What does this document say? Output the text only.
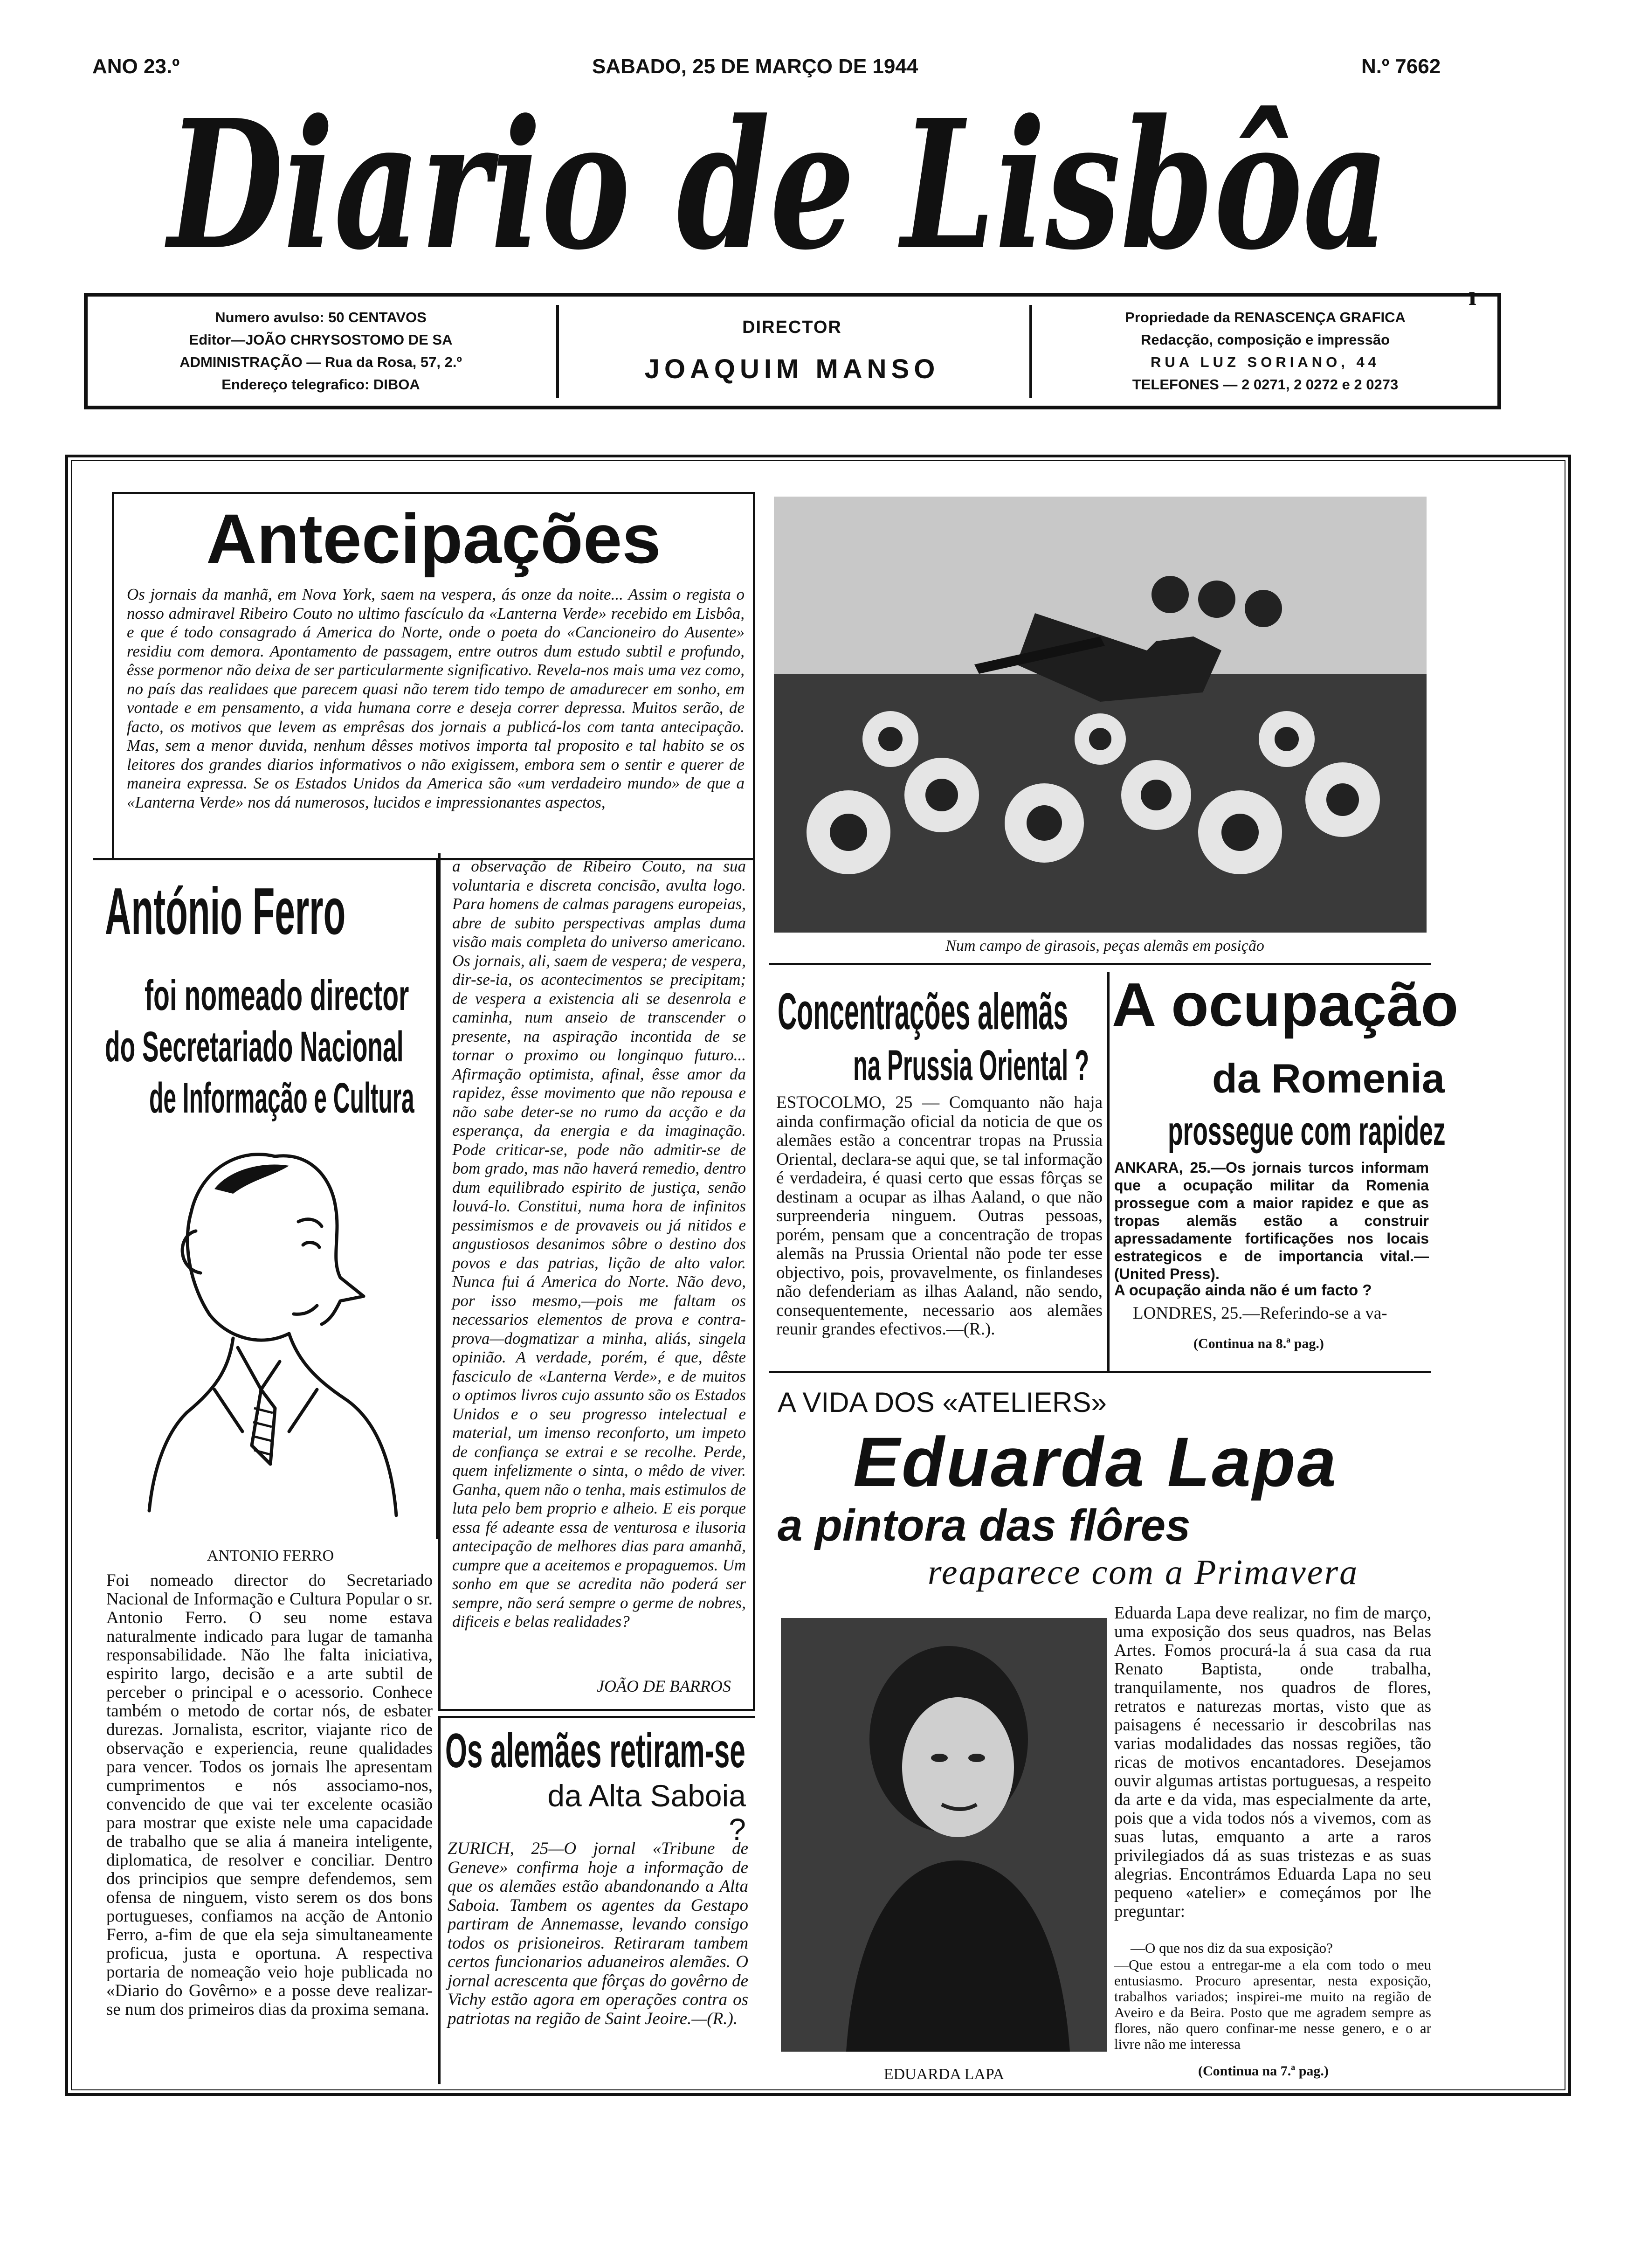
ANO 23.º	SABADO, 25 DE MARÇO DE 1944	N.º 7662
Diario de Lisbôa
ı
Numero avulso: 50 CENTAVOS
Editor—JOÃO CHRYSOSTOMO DE SA
ADMINISTRAÇÃO — Rua da Rosa, 57, 2.º
Endereço telegrafico: DIBOA
DIRECTOR
JOAQUIM MANSO
Propriedade da RENASCENÇA GRAFICA
Redacção, composição e impressão
RUA LUZ SORIANO, 44
TELEFONES — 2 0271, 2 0272 e 2 0273
Antecipações
Os jornais da manhã, em Nova York, saem na vespera, ás onze da noite... Assim o regista o nosso admiravel Ribeiro Couto no ultimo fascículo da «Lanterna Verde» recebido em Lisbôa, e que é todo consagrado á America do Norte, onde o poeta do «Cancioneiro do Ausente» residiu com demora. Apontamento de passagem, entre outros dum estudo subtil e profundo, êsse pormenor não deixa de ser particularmente significativo. Revela-nos mais uma vez como, no país das realidaes que parecem quasi não terem tido tempo de amadurecer em sonho, em vontade e em pensamento, a vida humana corre e deseja correr depressa. Muitos serão, de facto, os motivos que levem as emprêsas dos jornais a publicá-los com tanta antecipação. Mas, sem a menor duvida, nenhum dêsses motivos importa tal proposito e tal habito se os leitores dos grandes diarios informativos o não exigissem, embora sem o sentir e querer de maneira expressa. Se os Estados Unidos da America são «um verdadeiro mundo» de que a «Lanterna Verde» nos dá numerosos, lucidos e impressionantes aspectos,
a observação de Ribeiro Couto, na sua voluntaria e discreta concisão, avulta logo. Para homens de calmas paragens europeias, abre de subito perspectivas amplas duma visão mais completa do universo americano. Os jornais, ali, saem de vespera; de vespera, dir-se-ia, os acontecimentos se precipitam; de vespera a existencia ali se desenrola e caminha, num anseio de transcender o presente, na aspiração incontida de se tornar o proximo ou longinquo futuro... Afirmação optimista, afinal, êsse amor da rapidez, êsse movimento que não repousa e não sabe deter-se no rumo da acção e da esperança, da energia e da imaginação. Pode criticar-se, pode não admitir-se de bom grado, mas não haverá remedio, dentro dum equilibrado espirito de justiça, senão louvá-lo. Constitui, numa hora de infinitos pessimismos e de provaveis ou já nitidos e angustiosos desanimos sôbre o destino dos povos e das patrias, lição de alto valor. Nunca fui á America do Norte. Não devo, por isso mesmo,—pois me faltam os necessarios elementos de prova e contra-prova—dogmatizar a minha, aliás, singela opinião. A verdade, porém, é que, dêste fasciculo de «Lanterna Verde», e de muitos o optimos livros cujo assunto são os Estados Unidos e o seu progresso intelectual e material, um imenso reconforto, um impeto de confiança se extrai e se recolhe. Perde, quem infelizmente o sinta, o mêdo de viver. Ganha, quem não o tenha, mais estimulos de luta pelo bem proprio e alheio. E eis porque essa fé adeante essa de venturosa e ilusoria antecipação de melhores dias para amanhã, cumpre que a aceitemos e propaguemos. Um sonho em que se acredita não poderá ser sempre, não será sempre o germe de nobres, dificeis e belas realidades?
JOÃO DE BARROS
António Ferro
foi nomeado director
do Secretariado Nacional
de Informação e Cultura
ANTONIO FERRO
Foi nomeado director do Secretariado Nacional de Informação e Cultura Popular o sr. Antonio Ferro. O seu nome estava naturalmente indicado para lugar de tamanha responsabilidade. Não lhe falta iniciativa, espirito largo, decisão e a arte subtil de perceber o principal e o acessorio. Conhece também o metodo de cortar nós, de esbater durezas. Jornalista, escritor, viajante rico de observação e experiencia, reune qualidades para vencer. Todos os jornais lhe apresentam cumprimentos e nós associamo-nos, convencido de que vai ter excelente ocasião para mostrar que existe nele uma capacidade de trabalho que se alia á maneira inteligente, diplomatica, de resolver e conciliar. Dentro dos principios que sempre defendemos, sem ofensa de ninguem, visto serem os dos bons portugueses, confiamos na acção de Antonio Ferro, a-fim de que ela seja simultaneamente proficua, justa e oportuna. A respectiva portaria de nomeação veio hoje publicada no «Diario do Govêrno» e a posse deve realizar-se num dos primeiros dias da proxima semana.
Os alemães retiram-se
da Alta Saboia ?
ZURICH, 25—O jornal «Tribune de Geneve» confirma hoje a informação de que os alemães estão abandonando a Alta Saboia. Tambem os agentes da Gestapo partiram de Annemasse, levando consigo todos os prisioneiros. Retiraram tambem certos funcionarios aduaneiros alemães. O jornal acrescenta que fôrças do govêrno de Vichy estão agora em operações contra os patriotas na região de Saint Jeoire.—(R.).
Num campo de girasois, peças alemãs em posição
Concentrações alemãs
na Prussia Oriental ?
ESTOCOLMO, 25 — Comquanto não haja ainda confirmação oficial da noticia de que os alemães estão a concentrar tropas na Prussia Oriental, declara-se aqui que, se tal informação é verdadeira, é quasi certo que essas fôrças se destinam a ocupar as ilhas Aaland, o que não surpreenderia ninguem. Outras pessoas, porém, pensam que a concentração de tropas alemãs na Prussia Oriental não pode ter esse objectivo, pois, provavelmente, os finlandeses não defenderiam as ilhas Aaland, não sendo, consequentemente, necessario aos alemães reunir grandes efectivos.—(R.).
A ocupação
da Romenia
prossegue com rapidez
ANKARA, 25.—Os jornais turcos informam que a ocupação militar da Romenia prossegue com a maior rapidez e que as tropas alemãs estão a construir apressadamente fortificações nos locais estrategicos e de importancia vital.—(United Press).
A ocupação ainda não é um facto ?
LONDRES, 25.—Referindo-se a va-
(Continua na 8.ª pag.)
A VIDA DOS «ATELIERS»
Eduarda Lapa
a pintora das flôres
reaparece com a Primavera
EDUARDA LAPA
Eduarda Lapa deve realizar, no fim de março, uma exposição dos seus quadros, nas Belas Artes. Fomos procurá-la á sua casa da rua Renato Baptista, onde trabalha, tranquilamente, nos quadros de flores, retratos e naturezas mortas, visto que as paisagens é necessario ir descobrilas nas varias modalidades das nossas regiões, tão ricas de motivos encantadores. Desejamos ouvir algumas artistas portuguesas, a respeito da arte e da vida, mas especialmente da arte, pois que a vida todos nós a vivemos, com as suas lutas, emquanto a arte a raros privilegiados dá as suas tristezas e as suas alegrias. Encontrámos Eduarda Lapa no seu pequeno «atelier» e começámos por lhe preguntar:
—O que nos diz da sua exposição?
—Que estou a entregar-me a ela com todo o meu entusiasmo. Procuro apresentar, nesta exposição, trabalhos variados; inspirei-me muito na região de Aveiro e da Beira. Posto que me agradem sempre as flores, não quero confinar-me nesse genero, e o ar livre não me interessa
(Continua na 7.ª pag.)
